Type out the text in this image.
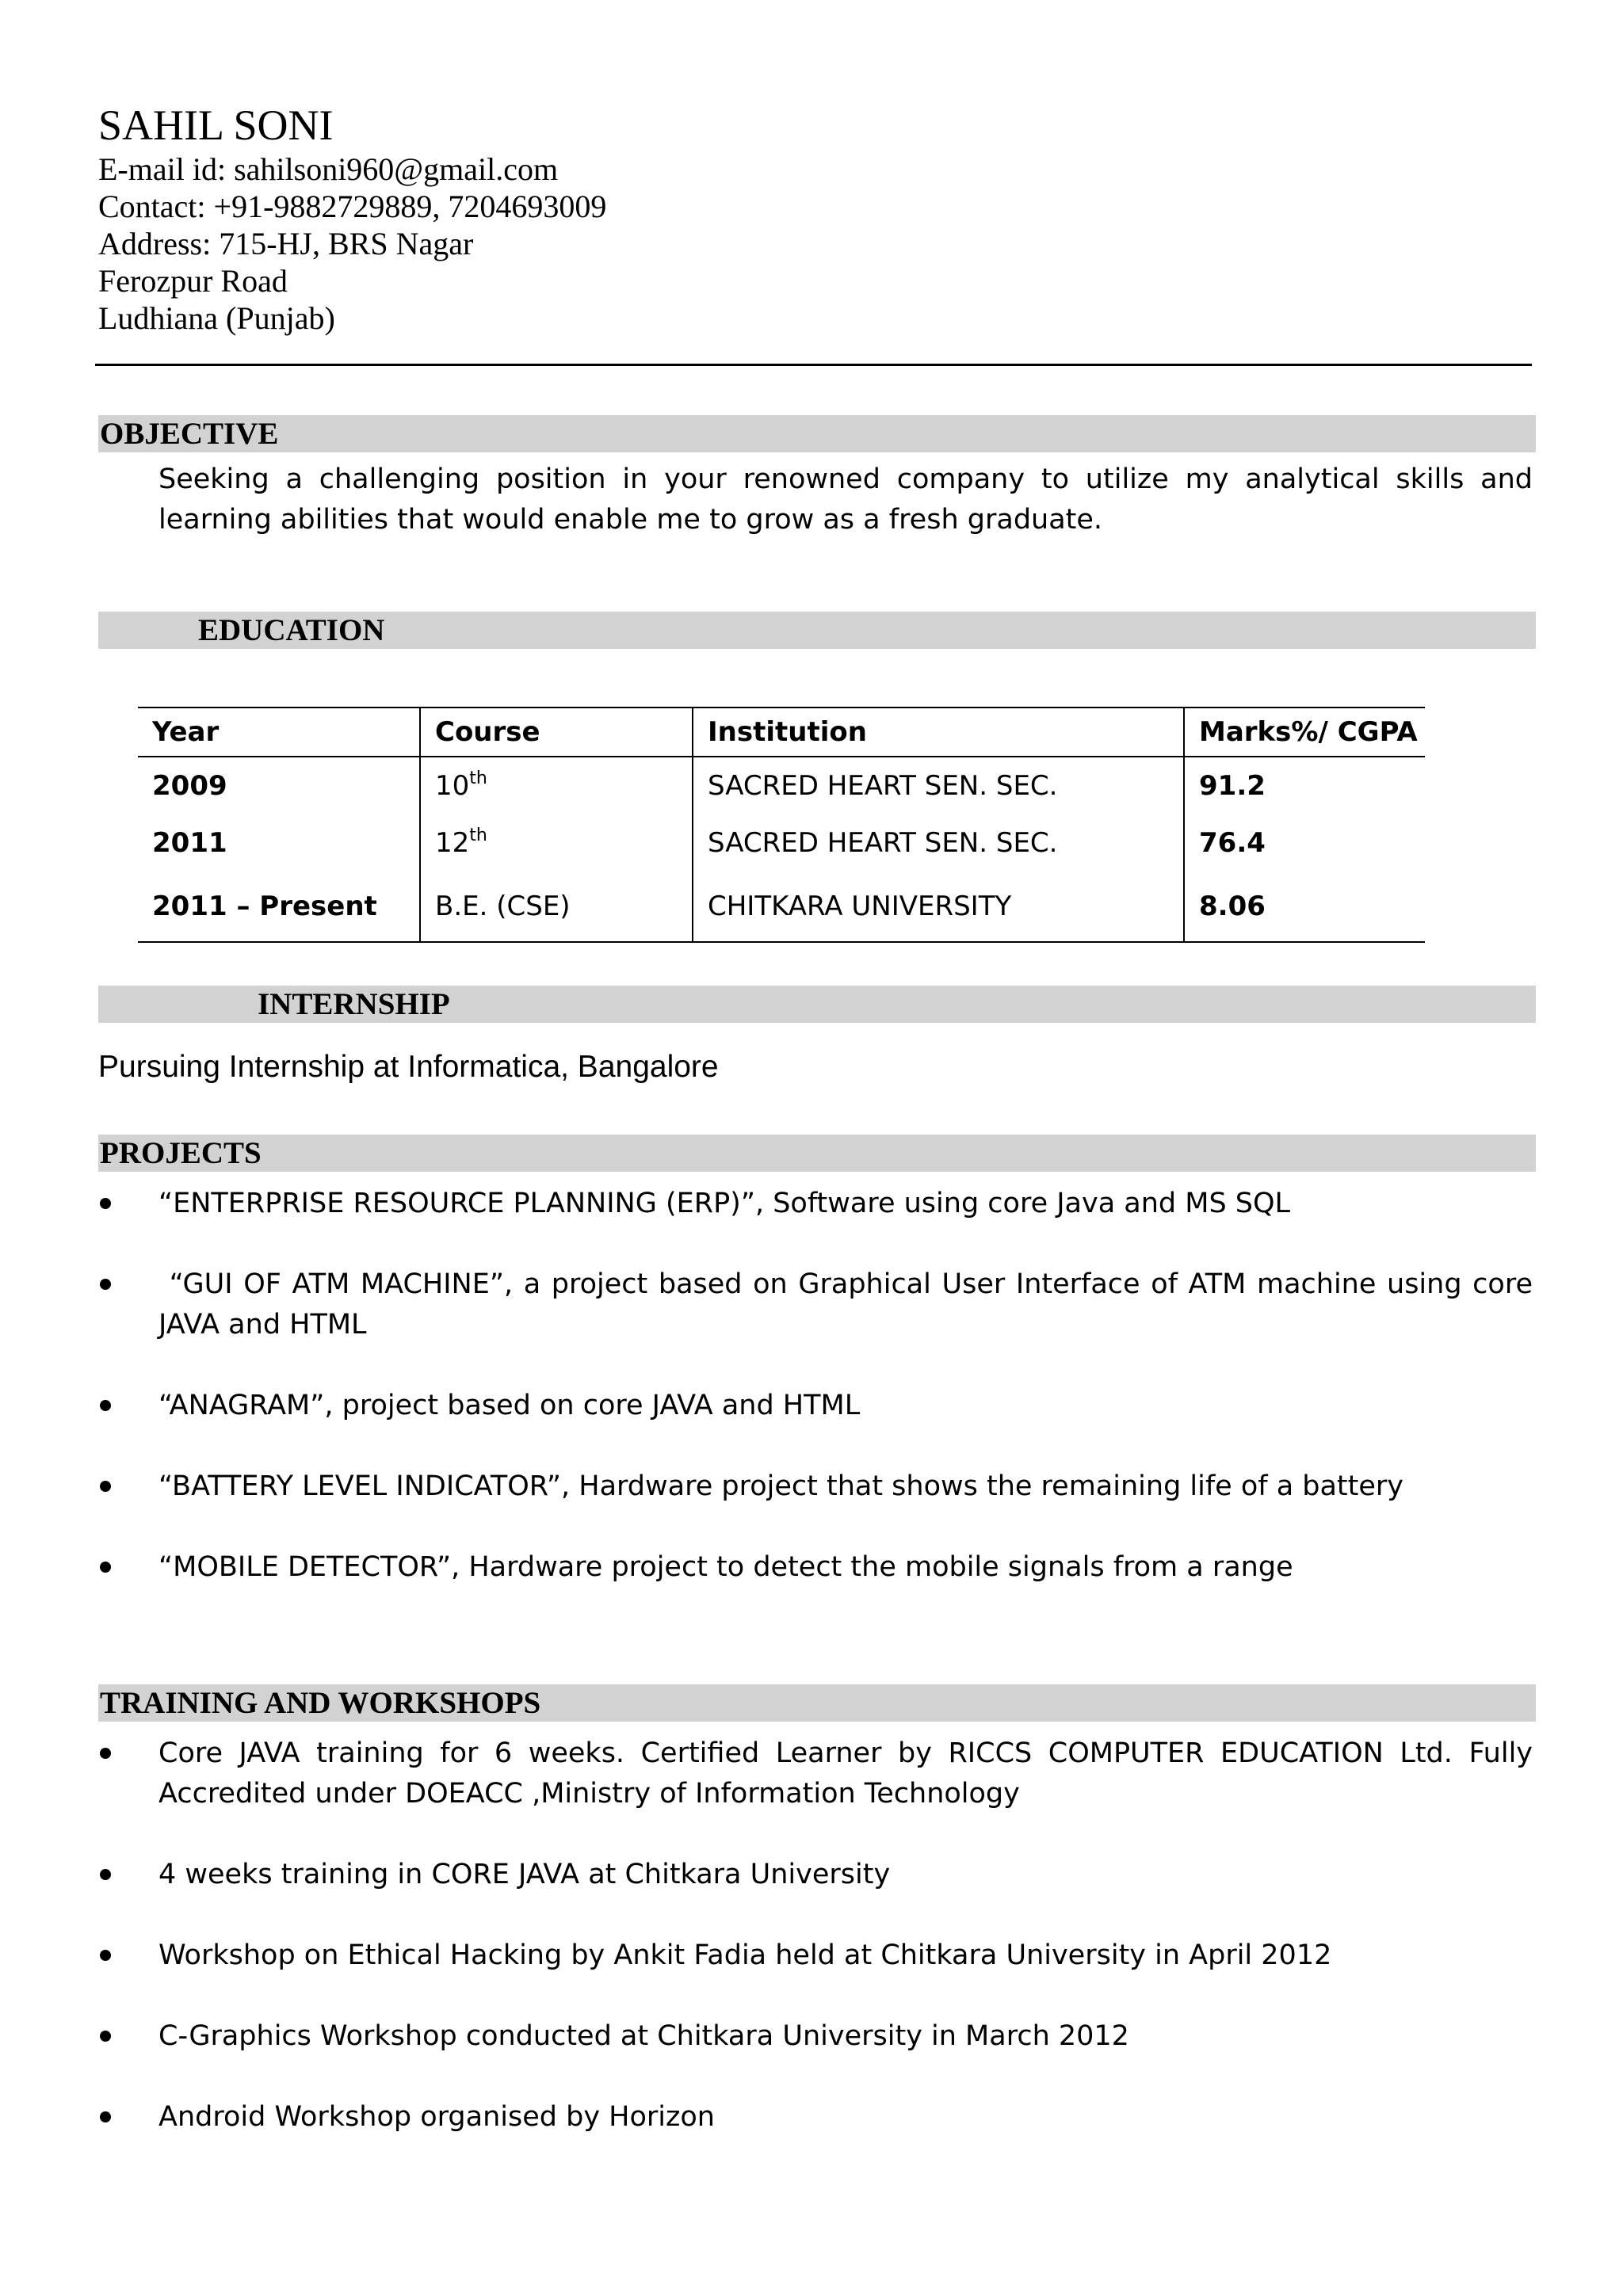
SAHIL SONI
E-mail id: sahilsoni960@gmail.com
Contact: +91-9882729889, 7204693009
Address: 715-HJ, BRS Nagar
Ferozpur Road
Ludhiana (Punjab)
OBJECTIVE
Seeking a challenging position in your renowned company to utilize my analytical skills and learning abilities that would enable me to grow as a fresh graduate.
EDUCATION
Year	Course	Institution	Marks%/ CGPA
2009	10th	SACRED HEART SEN. SEC.	91.2
2011	12th	SACRED HEART SEN. SEC.	76.4
2011 – Present	B.E. (CSE)	CHITKARA UNIVERSITY	8.06
INTERNSHIP
Pursuing Internship at Informatica, Bangalore
PROJECTS
“ENTERPRISE RESOURCE PLANNING (ERP)”, Software using core Java and MS SQL
“GUI OF ATM MACHINE”, a project based on Graphical User Interface of ATM machine using core JAVA and HTML
“ANAGRAM”, project based on core JAVA and HTML
“BATTERY LEVEL INDICATOR”, Hardware project that shows the remaining life of a battery
“MOBILE DETECTOR”, Hardware project to detect the mobile signals from a range
TRAINING AND WORKSHOPS
Core JAVA training for 6 weeks. Certified Learner by RICCS COMPUTER EDUCATION Ltd. Fully Accredited under DOEACC ,Ministry of Information Technology
4 weeks training in CORE JAVA at Chitkara University
Workshop on Ethical Hacking by Ankit Fadia held at Chitkara University in April 2012
C-Graphics Workshop conducted at Chitkara University in March 2012
Android Workshop organised by Horizon
